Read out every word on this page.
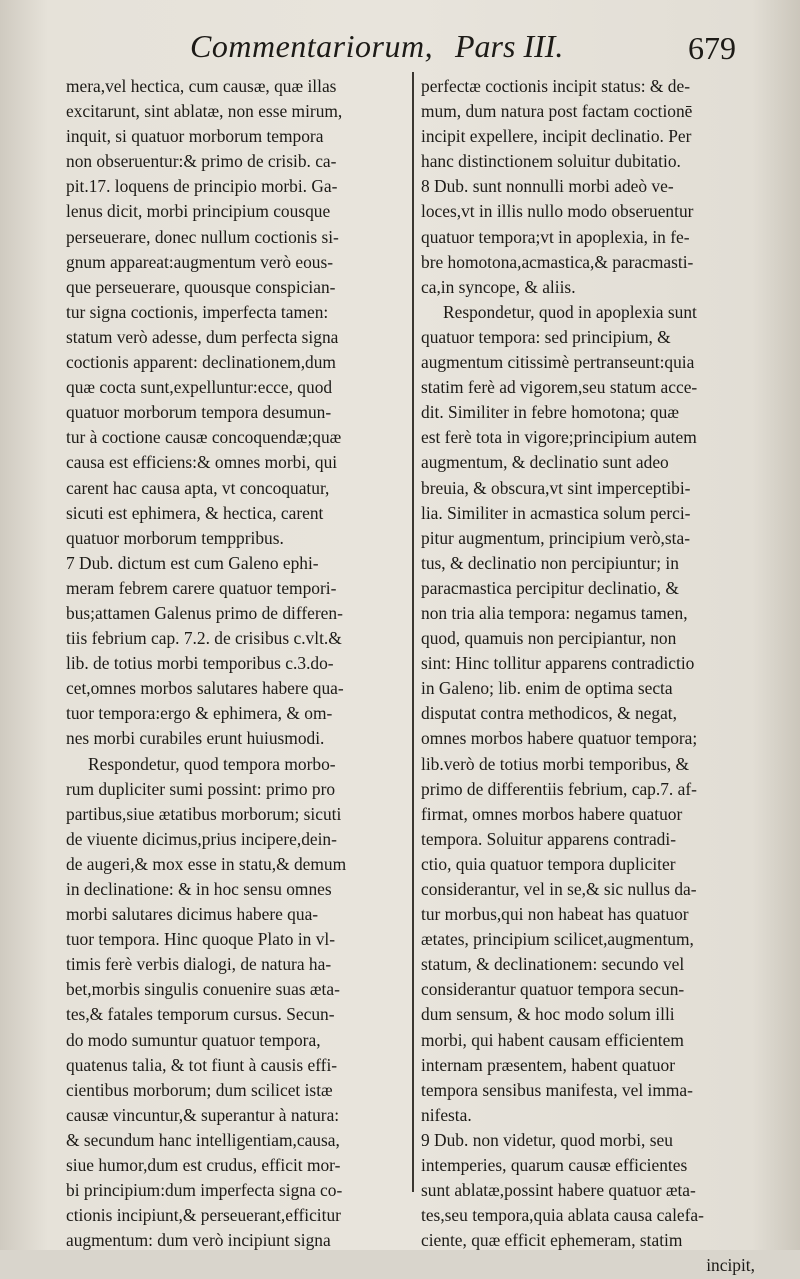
Commentariorum, Pars III.	679
mera,vel hectica, cum causæ, quæ illas
excitarunt, sint ablatæ, non esse mirum,
inquit, si quatuor morborum tempora
non obseruentur:& primo de crisib. ca-
pit.17. loquens de principio morbi. Ga-
lenus dicit, morbi principium cousque
perseuerare, donec nullum coctionis si-
gnum appareat:augmentum verò eous-
que perseuerare, quousque conspician-
tur signa coctionis, imperfecta tamen:
statum verò adesse, dum perfecta signa
coctionis apparent: declinationem,dum
quæ cocta sunt,expelluntur:ecce, quod
quatuor morborum tempora desumun-
tur à coctione causæ concoquendæ;quæ
causa est efficiens:& omnes morbi, qui
carent hac causa apta, vt concoquatur,
sicuti est ephimera, & hectica, carent
quatuor morborum temppribus.
7 Dub. dictum est cum Galeno ephi-
meram febrem carere quatuor tempori-
bus;attamen Galenus primo de differen-
tiis febrium cap. 7.2. de crisibus c.vlt.&
lib. de totius morbi temporibus c.3.do-
cet,omnes morbos salutares habere qua-
tuor tempora:ergo & ephimera, & om-
nes morbi curabiles erunt huiusmodi.
Respondetur, quod tempora morbo-
rum dupliciter sumi possint: primo pro
partibus,siue ætatibus morborum; sicuti
de viuente dicimus,prius incipere,dein-
de augeri,& mox esse in statu,& demum
in declinatione: & in hoc sensu omnes
morbi salutares dicimus habere qua-
tuor tempora. Hinc quoque Plato in vl-
timis ferè verbis dialogi, de natura ha-
bet,morbis singulis conuenire suas æta-
tes,& fatales temporum cursus. Secun-
do modo sumuntur quatuor tempora,
quatenus talia, & tot fiunt à causis effi-
cientibus morborum; dum scilicet istæ
causæ vincuntur,& superantur à natura:
& secundum hanc intelligentiam,causa,
siue humor,dum est crudus, efficit mor-
bi principium:dum imperfecta signa co-
ctionis incipiunt,& perseuerant,efficitur
augmentum: dum verò incipiunt signa
perfectæ coctionis incipit status: & de-
mum, dum natura post factam coctionē
incipit expellere, incipit declinatio. Per
hanc distinctionem soluitur dubitatio.
8 Dub. sunt nonnulli morbi adeò ve-
loces,vt in illis nullo modo obseruentur
quatuor tempora;vt in apoplexia, in fe-
bre homotona,acmastica,& paracmasti-
ca,in syncope, & aliis.
Respondetur, quod in apoplexia sunt
quatuor tempora: sed principium, &
augmentum citissimè pertranseunt:quia
statim ferè ad vigorem,seu statum acce-
dit. Similiter in febre homotona; quæ
est ferè tota in vigore;principium autem
augmentum, & declinatio sunt adeo
breuia, & obscura,vt sint imperceptibi-
lia. Similiter in acmastica solum perci-
pitur augmentum, principium verò,sta-
tus, & declinatio non percipiuntur; in
paracmastica percipitur declinatio, &
non tria alia tempora: negamus tamen,
quod, quamuis non percipiantur, non
sint: Hinc tollitur apparens contradictio
in Galeno; lib. enim de optima secta
disputat contra methodicos, & negat,
omnes morbos habere quatuor tempora;
lib.verò de totius morbi temporibus, &
primo de differentiis febrium, cap.7. af-
firmat, omnes morbos habere quatuor
tempora. Soluitur apparens contradi-
ctio, quia quatuor tempora dupliciter
considerantur, vel in se,& sic nullus da-
tur morbus,qui non habeat has quatuor
ætates, principium scilicet,augmentum,
statum, & declinationem: secundo vel
considerantur quatuor tempora secun-
dum sensum, & hoc modo solum illi
morbi, qui habent causam efficientem
internam præsentem, habent quatuor
tempora sensibus manifesta, vel imma-
nifesta.
9 Dub. non videtur, quod morbi, seu
intemperies, quarum causæ efficientes
sunt ablatæ,possint habere quatuor æta-
tes,seu tempora,quia ablata causa calefa-
ciente, quæ efficit ephemeram, statim
incipit,
